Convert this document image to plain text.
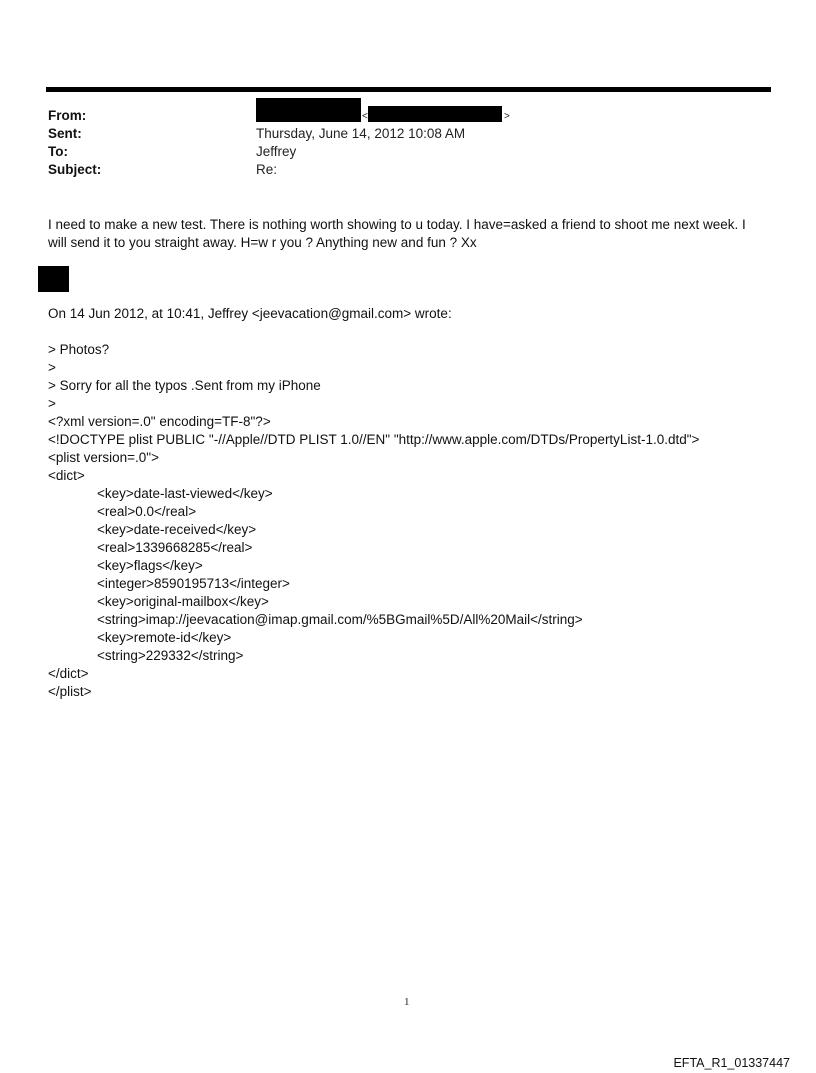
From:
Sent:
To:
Subject:
<	>
Thursday, June 14, 2012 10:08 AM
Jeffrey
Re:
I need to make a new test. There is nothing worth showing to u today. I have=asked a friend to shoot me next week. I will send it to you straight away. H=w r you ? Anything new and fun ? Xx
On 14 Jun 2012, at 10:41, Jeffrey <jeevacation@gmail.com> wrote:
> Photos?
>
> Sorry for all the typos .Sent from my iPhone
>
<?xml version=.0" encoding=TF-8"?>
<!DOCTYPE plist PUBLIC "-//Apple//DTD PLIST 1.0//EN" "http://www.apple.com/DTDs/PropertyList-1.0.dtd">
<plist version=.0">
<dict>
<key>date-last-viewed</key>
<real>0.0</real>
<key>date-received</key>
<real>1339668285</real>
<key>flags</key>
<integer>8590195713</integer>
<key>original-mailbox</key>
<string>imap://jeevacation@imap.gmail.com/%5BGmail%5D/All%20Mail</string>
<key>remote-id</key>
<string>229332</string>
</dict>
</plist>
1
EFTA_R1_01337447
